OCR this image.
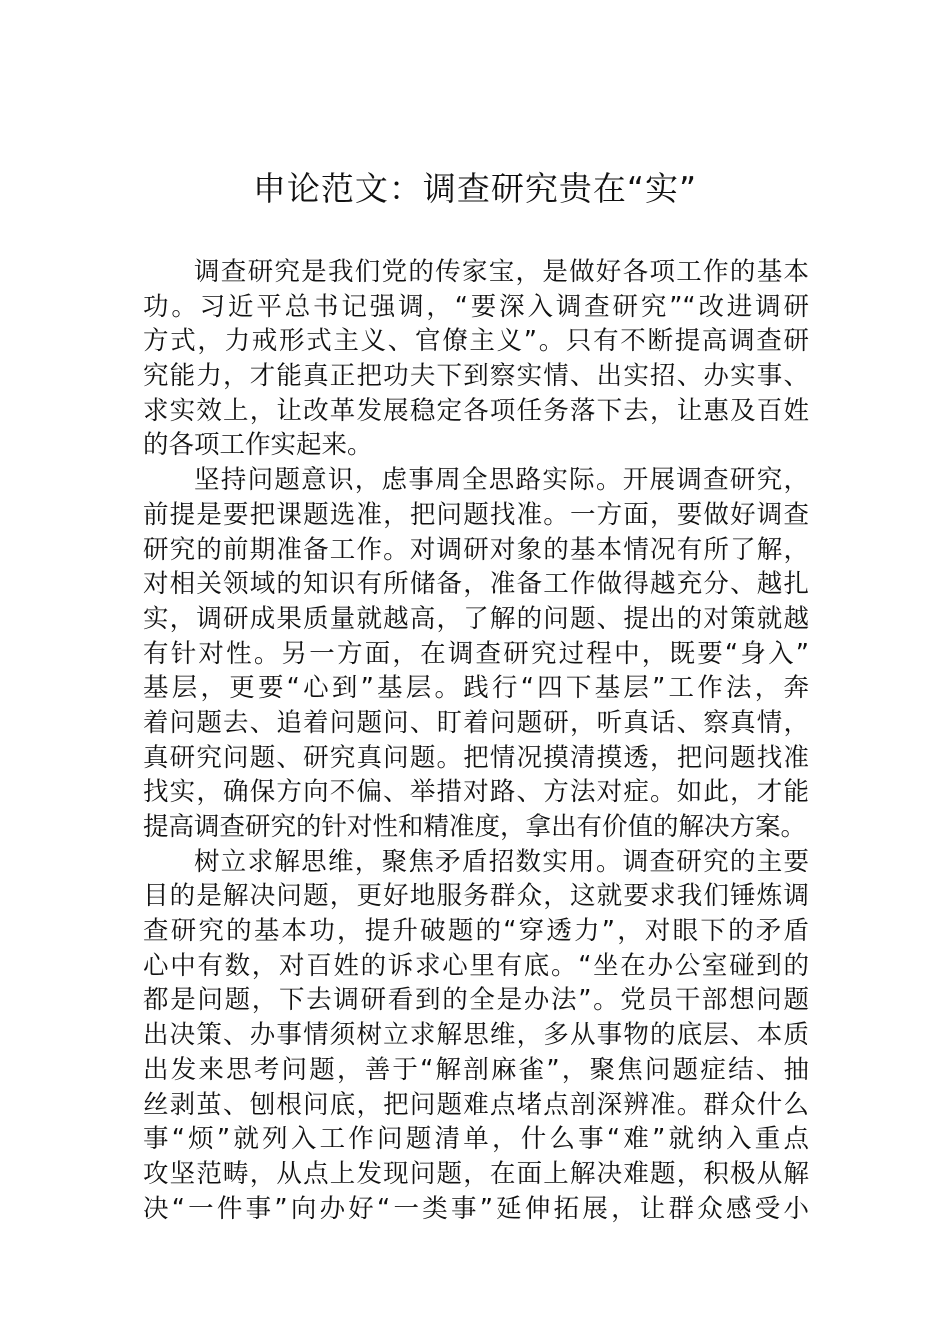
申论范文：调查研究贵在“实”
调查研究是我们党的传家宝，是做好各项工作的基本
功。习近平总书记强调，“要深入调查研究”“改进调研
方式，力戒形式主义、官僚主义”。只有不断提高调查研
究能力，才能真正把功夫下到察实情、出实招、办实事、
求实效上，让改革发展稳定各项任务落下去，让惠及百姓
的各项工作实起来。
坚持问题意识，虑事周全思路实际。开展调查研究，
前提是要把课题选准，把问题找准。一方面，要做好调查
研究的前期准备工作。对调研对象的基本情况有所了解，
对相关领域的知识有所储备，准备工作做得越充分、越扎
实，调研成果质量就越高，了解的问题、提出的对策就越
有针对性。另一方面，在调查研究过程中，既要“身入”
基层，更要“心到”基层。践行“四下基层”工作法，奔
着问题去、追着问题问、盯着问题研，听真话、察真情，
真研究问题、研究真问题。把情况摸清摸透，把问题找准
找实，确保方向不偏、举措对路、方法对症。如此，才能
提高调查研究的针对性和精准度，拿出有价值的解决方案。
树立求解思维，聚焦矛盾招数实用。调查研究的主要
目的是解决问题，更好地服务群众，这就要求我们锤炼调
查研究的基本功，提升破题的“穿透力”，对眼下的矛盾
心中有数，对百姓的诉求心里有底。“坐在办公室碰到的
都是问题，下去调研看到的全是办法”。党员干部想问题
出决策、办事情须树立求解思维，多从事物的底层、本质
出发来思考问题，善于“解剖麻雀”，聚焦问题症结、抽
丝剥茧、刨根问底，把问题难点堵点剖深辨准。群众什么
事“烦”就列入工作问题清单，什么事“难”就纳入重点
攻坚范畴，从点上发现问题，在面上解决难题，积极从解
决“一件事”向办好“一类事”延伸拓展，让群众感受小
